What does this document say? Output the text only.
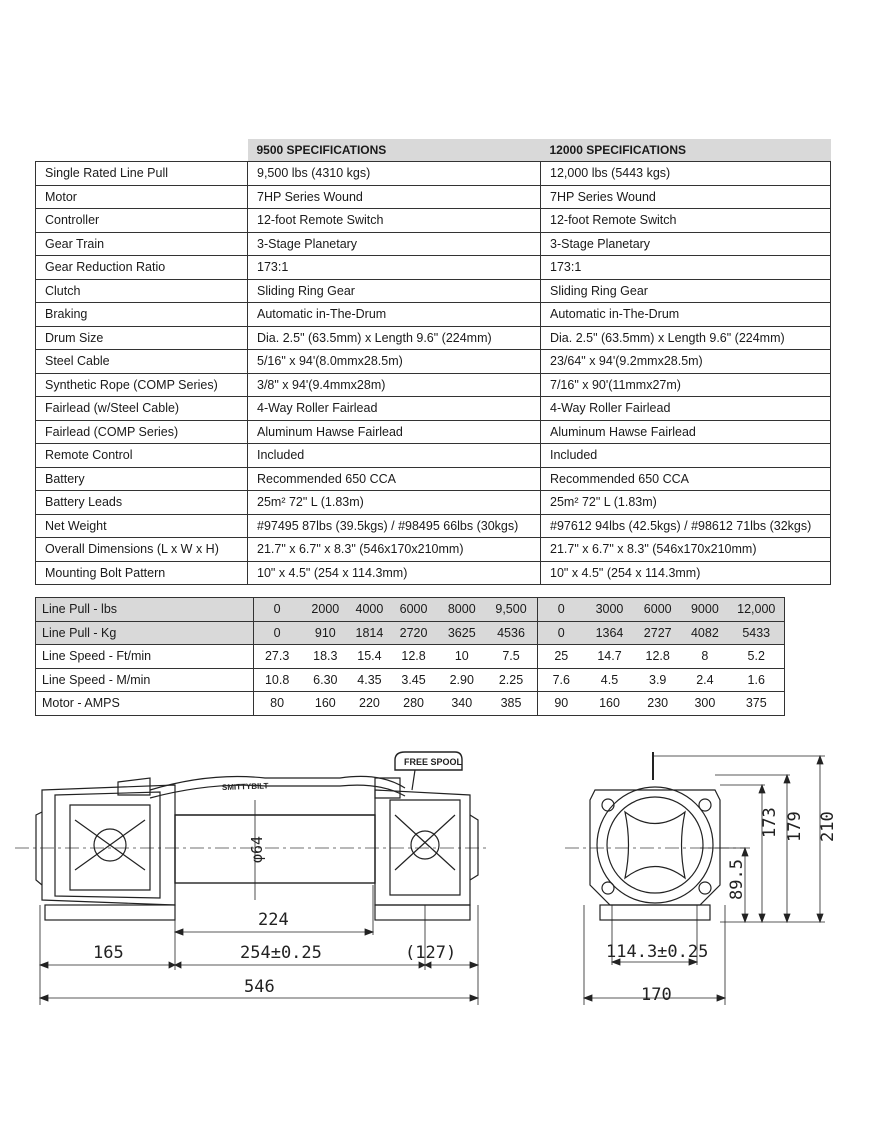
	9500 SPECIFICATIONS	12000 SPECIFICATIONS
Single Rated Line Pull	9,500 lbs (4310 kgs)	12,000 lbs (5443 kgs)
Motor	7HP Series Wound	7HP Series Wound
Controller	12-foot Remote Switch	12-foot Remote Switch
Gear Train	3-Stage Planetary	3-Stage Planetary
Gear Reduction Ratio	173:1	173:1
Clutch	Sliding Ring Gear	Sliding Ring Gear
Braking	Automatic in-The-Drum	Automatic in-The-Drum
Drum Size	Dia. 2.5" (63.5mm) x Length 9.6" (224mm)	Dia. 2.5" (63.5mm) x Length 9.6" (224mm)
Steel Cable	5/16" x 94'(8.0mmx28.5m)	23/64" x 94'(9.2mmx28.5m)
Synthetic Rope (COMP Series)	3/8" x 94'(9.4mmx28m)	7/16" x 90'(11mmx27m)
Fairlead (w/Steel Cable)	4-Way Roller Fairlead	4-Way Roller Fairlead
Fairlead (COMP Series)	Aluminum Hawse Fairlead	Aluminum Hawse Fairlead
Remote Control	Included	Included
Battery	Recommended 650 CCA	Recommended 650 CCA
Battery Leads	25m² 72" L (1.83m)	25m² 72" L (1.83m)
Net Weight	#97495 87lbs (39.5kgs) / #98495 66lbs (30kgs)	#97612 94lbs (42.5kgs) / #98612 71lbs (32kgs)
Overall Dimensions (L x W x H)	21.7" x 6.7" x 8.3" (546x170x210mm)	21.7" x 6.7" x 8.3" (546x170x210mm)
Mounting Bolt Pattern	10" x 4.5" (254 x 114.3mm)	10" x 4.5" (254 x 114.3mm)
Line Pull - lbs	0	2000	4000	6000	8000	9,500	0	3000	6000	9000	12,000
Line Pull - Kg	0	910	1814	2720	3625	4536	0	1364	2727	4082	5433
Line Speed - Ft/min	27.3	18.3	15.4	12.8	10	7.5	25	14.7	12.8	8	5.2
Line Speed - M/min	10.8	6.30	4.35	3.45	2.90	2.25	7.6	4.5	3.9	2.4	1.6
Motor - AMPS	80	160	220	280	340	385	90	160	230	300	375
FREE SPOOL
SMITTYBILT
φ64
224
165	254±0.25	(127)
546
173 179 210
89.5
114.3±0.25
170
